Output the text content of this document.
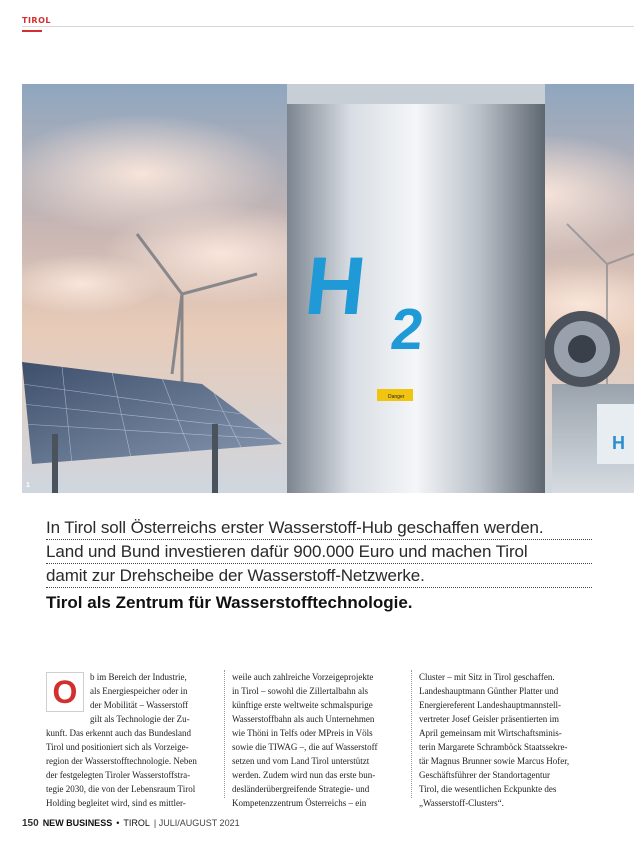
TIROL
H 2
Danger
H
1
In Tirol soll Österreichs erster Wasserstoff-Hub geschaffen werden.
Land und Bund investieren dafür 900.000 Euro und machen Tirol
damit zur Drehscheibe der Wasserstoff-Netzwerke.
Tirol als Zentrum für Wasserstofftechnologie.
O	b im Bereich der Industrie,
als Energiespeicher oder in
der Mobilität – Wasserstoff
gilt als Technologie der Zu-
kunft. Das erkennt auch das Bundesland
Tirol und positioniert sich als Vorzeige-
region der Wasserstofftechnologie. Neben
der festgelegten Tiroler Wasserstoffstra-
tegie 2030, die von der Lebensraum Tirol
Holding begleitet wird, sind es mittler-
weile auch zahlreiche Vorzeigeprojekte
in Tirol – sowohl die Zillertalbahn als
künftige erste weltweite schmalspurige
Wasserstoffbahn als auch Unternehmen
wie Thöni in Telfs oder MPreis in Völs
sowie die TIWAG –, die auf Wasserstoff
setzen und vom Land Tirol unterstützt
werden. Zudem wird nun das erste bun-
desländerübergreifende Strategie- und
Kompetenzzentrum Österreichs – ein
Cluster – mit Sitz in Tirol geschaffen.
Landeshauptmann Günther Platter und
Energiereferent Landeshauptmannstell-
vertreter Josef Geisler präsentierten im
April gemeinsam mit Wirtschaftsminis-
terin Margarete Schramböck Staatssekre-
tär Magnus Brunner sowie Marcus Hofer,
Geschäftsführer der Standortagentur
Tirol, die wesentlichen Eckpunkte des
„Wasserstoff-Clusters“.
150 NEW BUSINESS • TIROL | JULI/AUGUST 2021
